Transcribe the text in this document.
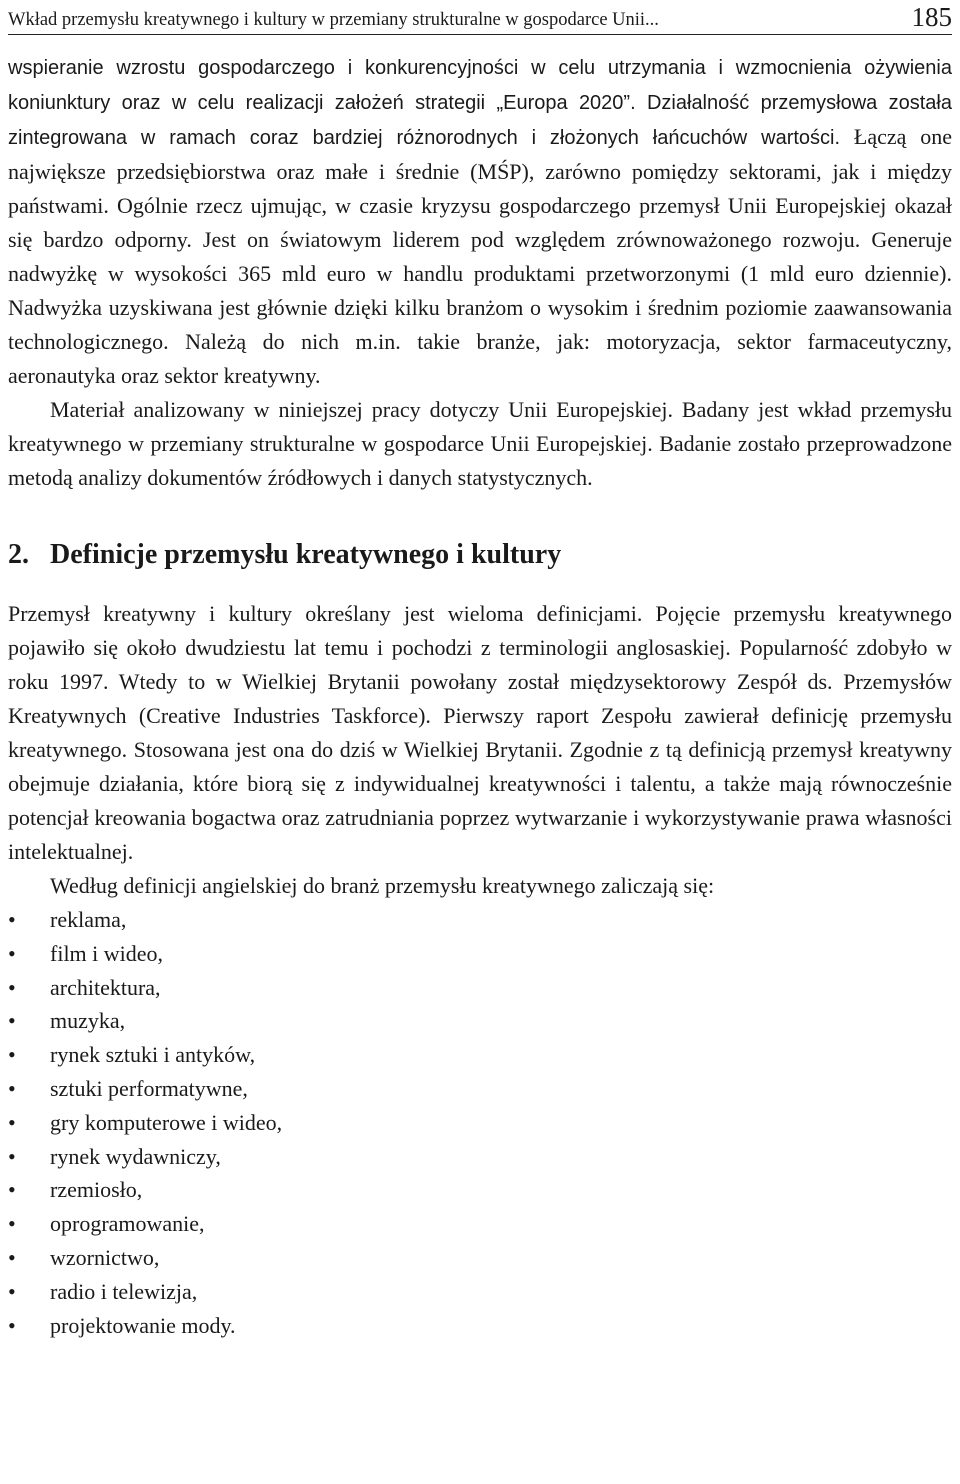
Wkład przemysłu kreatywnego i kultury w przemiany strukturalne w gospodarce Unii...	185

wspieranie wzrostu gospodarczego i konkurencyjności w celu utrzymania i wzmocnienia ożywienia koniunktury oraz w celu realizacji założeń strategii „Europa 2020”. Działalność przemysłowa została zintegrowana w ramach coraz bardziej różnorodnych i złożonych łańcuchów wartości. Łączą one największe przedsiębiorstwa oraz małe i średnie (MŚP), zarówno pomiędzy sektorami, jak i między państwami. Ogólnie rzecz ujmując, w czasie kryzysu gospodarczego przemysł Unii Europejskiej okazał się bardzo odporny. Jest on światowym liderem pod względem zrównoważonego rozwoju. Generuje nadwyżkę w wysokości 365 mld euro w handlu produktami przetworzonymi (1 mld euro dziennie). Nadwyżka uzyskiwana jest głównie dzięki kilku branżom o wysokim i średnim poziomie zaawansowania technologicznego. Należą do nich m.in. takie branże, jak: motoryzacja, sektor farmaceutyczny, aeronautyka oraz sektor kreatywny.

Materiał analizowany w niniejszej pracy dotyczy Unii Europejskiej. Badany jest wkład przemysłu kreatywnego w przemiany strukturalne w gospodarce Unii Europejskiej. Badanie zostało przeprowadzone metodą analizy dokumentów źródłowych i danych statystycznych.

2. Definicje przemysłu kreatywnego i kultury

Przemysł kreatywny i kultury określany jest wieloma definicjami. Pojęcie przemysłu kreatywnego pojawiło się około dwudziestu lat temu i pochodzi z terminologii anglosaskiej. Popularność zdobyło w roku 1997. Wtedy to w Wielkiej Brytanii powołany został międzysektorowy Zespół ds. Przemysłów Kreatywnych (Creative Industries Taskforce). Pierwszy raport Zespołu zawierał definicję przemysłu kreatywnego. Stosowana jest ona do dziś w Wielkiej Brytanii. Zgodnie z tą definicją przemysł kreatywny obejmuje działania, które biorą się z indywidualnej kreatywności i talentu, a także mają równocześnie potencjał kreowania bogactwa oraz zatrudniania poprzez wytwarzanie i wykorzystywanie prawa własności intelektualnej.

Według definicji angielskiej do branż przemysłu kreatywnego zaliczają się:

•	reklama,
•	film i wideo,
•	architektura,
•	muzyka,
•	rynek sztuki i antyków,
•	sztuki performatywne,
•	gry komputerowe i wideo,
•	rynek wydawniczy,
•	rzemiosło,
•	oprogramowanie,
•	wzornictwo,
•	radio i telewizja,
•	projektowanie mody.
